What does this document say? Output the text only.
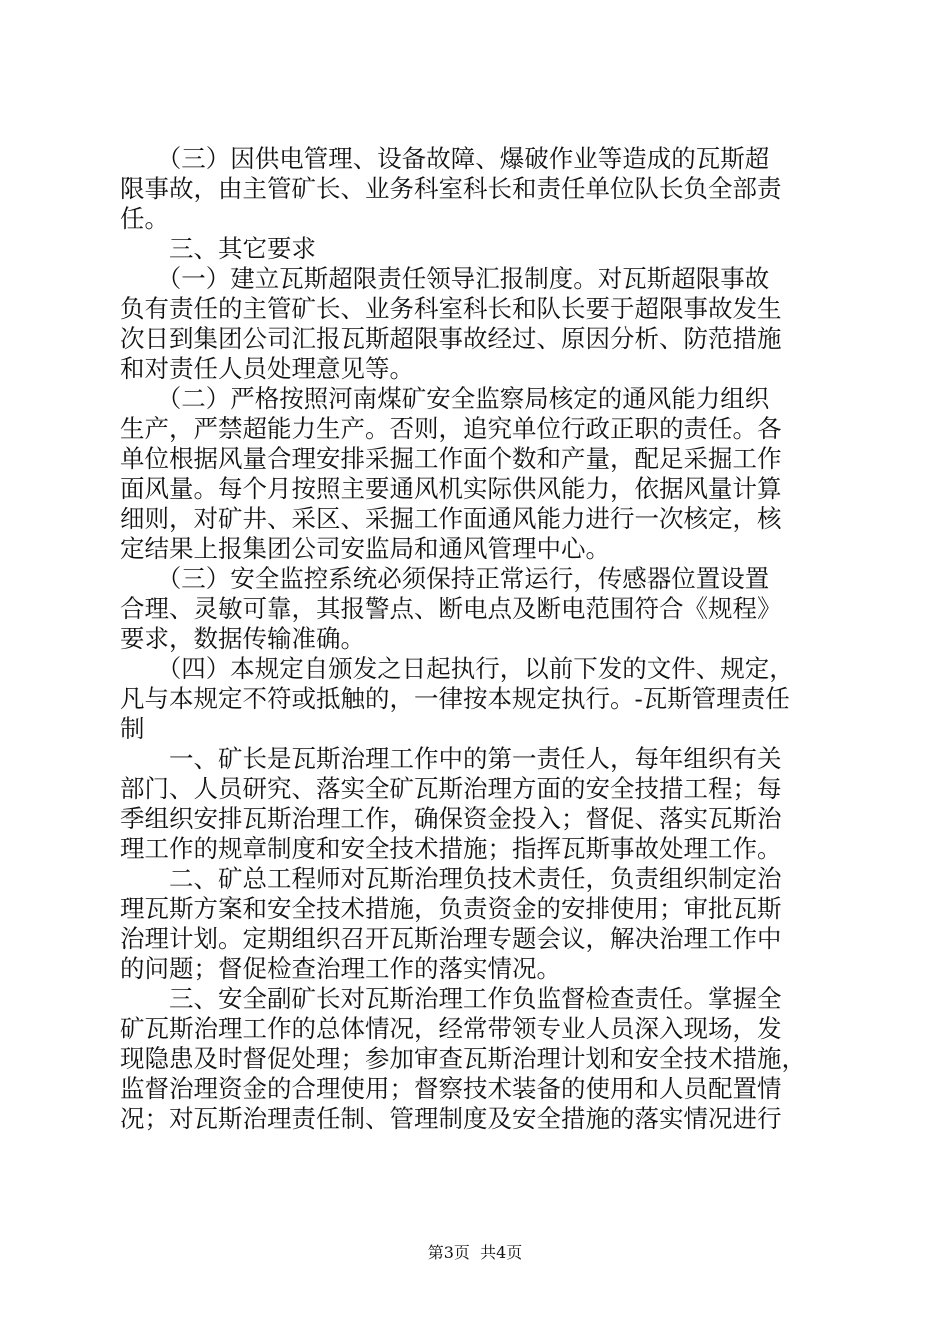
　　（三）因供电管理、设备故障、爆破作业等造成的瓦斯超
限事故，由主管矿长、业务科室科长和责任单位队长负全部责
任。
　　三、其它要求
　　（一）建立瓦斯超限责任领导汇报制度。对瓦斯超限事故
负有责任的主管矿长、业务科室科长和队长要于超限事故发生
次日到集团公司汇报瓦斯超限事故经过、原因分析、防范措施
和对责任人员处理意见等。
　　（二）严格按照河南煤矿安全监察局核定的通风能力组织
生产，严禁超能力生产。否则，追究单位行政正职的责任。各
单位根据风量合理安排采掘工作面个数和产量，配足采掘工作
面风量。每个月按照主要通风机实际供风能力，依据风量计算
细则，对矿井、采区、采掘工作面通风能力进行一次核定，核
定结果上报集团公司安监局和通风管理中心。
　　（三）安全监控系统必须保持正常运行，传感器位置设置
合理、灵敏可靠，其报警点、断电点及断电范围符合《规程》
要求，数据传输准确。
　　（四）本规定自颁发之日起执行，以前下发的文件、规定，
凡与本规定不符或抵触的，一律按本规定执行。-瓦斯管理责任
制
　　一、矿长是瓦斯治理工作中的第一责任人，每年组织有关
部门、人员研究、落实全矿瓦斯治理方面的安全技措工程；每
季组织安排瓦斯治理工作，确保资金投入；督促、落实瓦斯治
理工作的规章制度和安全技术措施；指挥瓦斯事故处理工作。
　　二、矿总工程师对瓦斯治理负技术责任，负责组织制定治
理瓦斯方案和安全技术措施，负责资金的安排使用；审批瓦斯
治理计划。定期组织召开瓦斯治理专题会议，解决治理工作中
的问题；督促检查治理工作的落实情况。
　　三、安全副矿长对瓦斯治理工作负监督检查责任。掌握全
矿瓦斯治理工作的总体情况，经常带领专业人员深入现场，发
现隐患及时督促处理；参加审查瓦斯治理计划和安全技术措施，
监督治理资金的合理使用；督察技术装备的使用和人员配置情
况；对瓦斯治理责任制、管理制度及安全措施的落实情况进行
第3页  共4页
